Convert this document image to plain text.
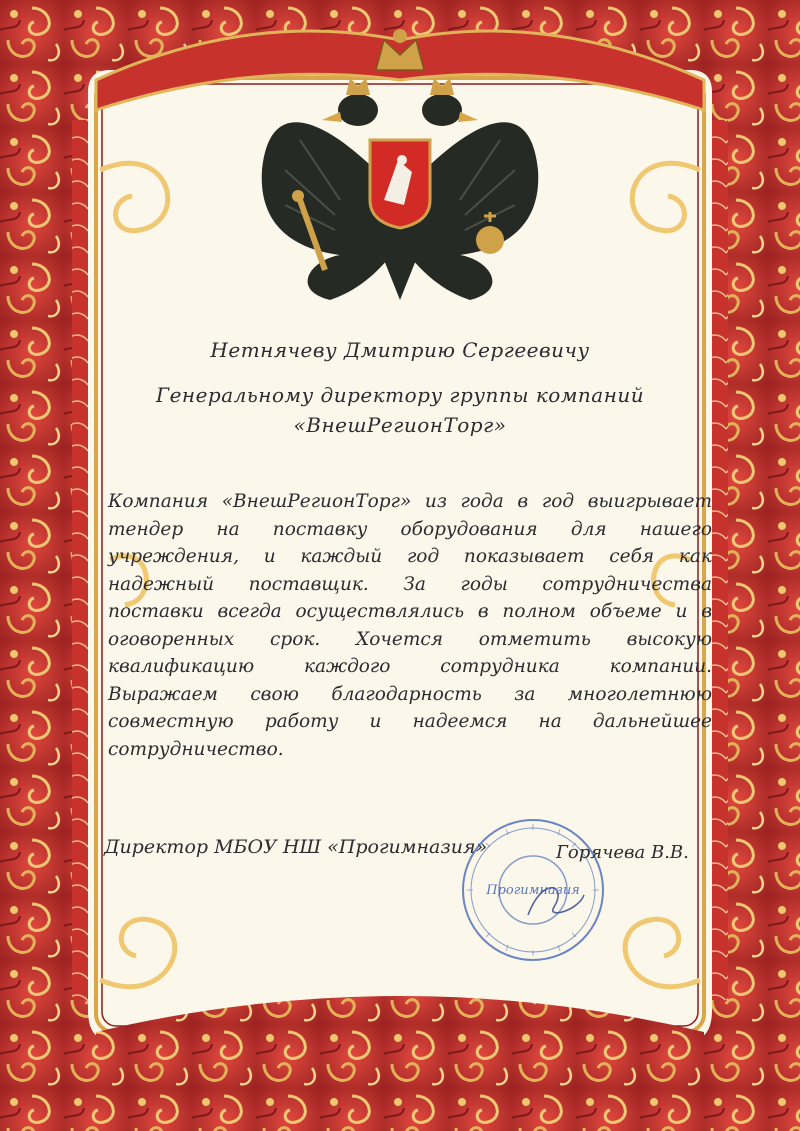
Нетнячеву Дмитрию Сергеевичу
Генеральному директору группы компаний
«ВнешРегионТорг»
Компания «ВнешРегионТорг» из года в год выигрывает
тендер на поставку оборудования для нашего
учреждения, и каждый год показывает себя как
надежный поставщик. За годы сотрудничества
поставки всегда осуществлялись в полном объеме и в
оговоренных срок. Хочется отметить высокую
квалификацию каждого сотрудника компании.
Выражаем свою благодарность за многолетнюю
совместную работу и надеемся на дальнейшее
сотрудничество.
Директор МБОУ НШ «Прогимназия»
Прогимназия
Горячева В.В.
